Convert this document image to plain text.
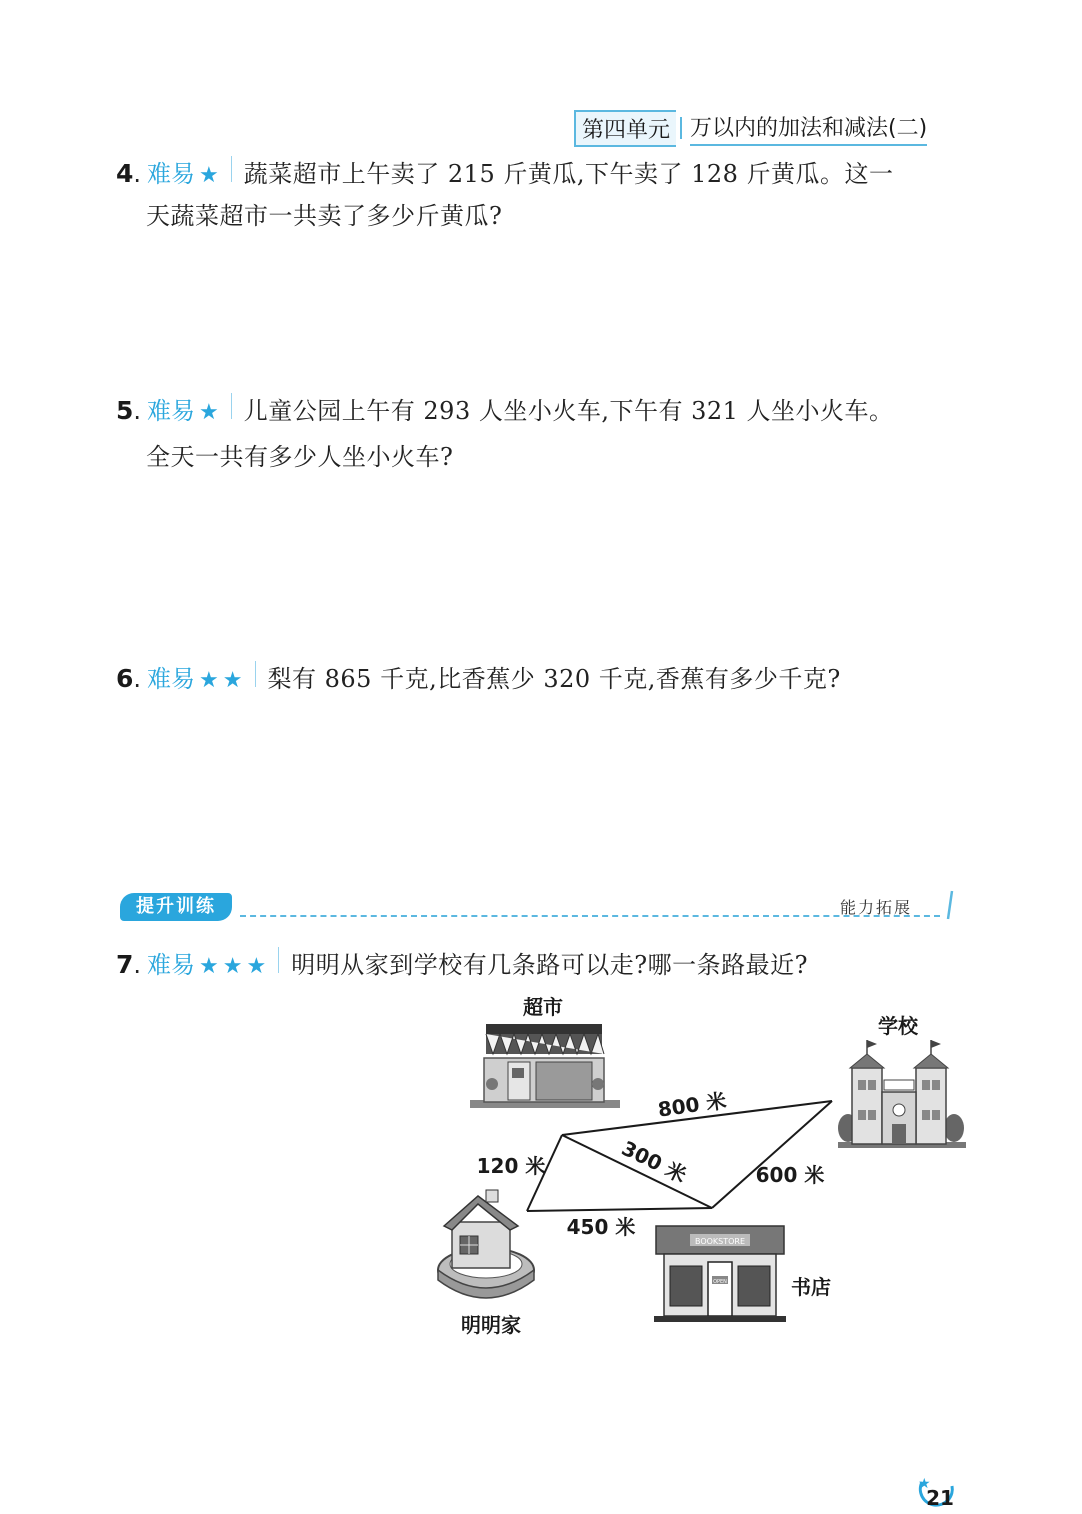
第四单元 万以内的加法和减法(二)
4 . 难易 ★ 蔬菜超市上午卖了 215 斤黄瓜,下午卖了 128 斤黄瓜。这一
天蔬菜超市一共卖了多少斤黄瓜?
5 . 难易 ★ 儿童公园上午有 293 人坐小火车,下午有 321 人坐小火车。
全天一共有多少人坐小火车?
6 . 难易 ★ ★ 梨有 865 千克,比香蕉少 320 千克,香蕉有多少千克?
提升训练	能力拓展
7 . 难易 ★ ★ ★ 明明从家到学校有几条路可以走?哪一条路最近?
超市
学校
明明家
BOOKSTORE
OPEN	书店
800 米
120 米	300 米	600 米
450 米
★
21
